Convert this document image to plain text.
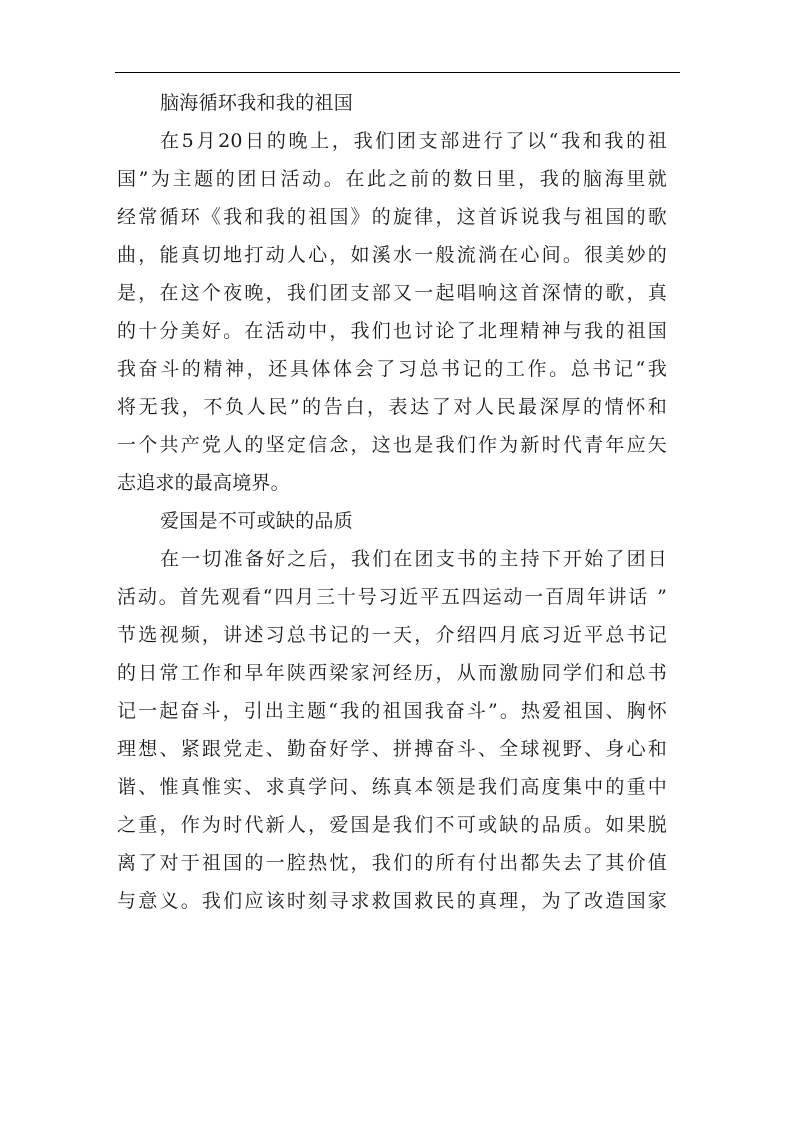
脑海循环我和我的祖国
在5月20日的晚上，我们团支部进行了以“我和我的祖
国”为主题的团日活动。在此之前的数日里，我的脑海里就
经常循环《我和我的祖国》的旋律，这首诉说我与祖国的歌
曲，能真切地打动人心，如溪水一般流淌在心间。很美妙的
是，在这个夜晚，我们团支部又一起唱响这首深情的歌，真
的十分美好。在活动中，我们也讨论了北理精神与我的祖国
我奋斗的精神，还具体体会了习总书记的工作。总书记“我
将无我，不负人民”的告白，表达了对人民最深厚的情怀和
一个共产党人的坚定信念，这也是我们作为新时代青年应矢
志追求的最高境界。
爱国是不可或缺的品质
在一切准备好之后，我们在团支书的主持下开始了团日
活动。首先观看“四月三十号习近平五四运动一百周年讲话 ”
节选视频，讲述习总书记的一天，介绍四月底习近平总书记
的日常工作和早年陕西梁家河经历，从而激励同学们和总书
记一起奋斗，引出主题“我的祖国我奋斗”。热爱祖国、胸怀
理想、紧跟党走、勤奋好学、拼搏奋斗、全球视野、身心和
谐、惟真惟实、求真学问、练真本领是我们高度集中的重中
之重，作为时代新人，爱国是我们不可或缺的品质。如果脱
离了对于祖国的一腔热忱，我们的所有付出都失去了其价值
与意义。我们应该时刻寻求救国救民的真理，为了改造国家
